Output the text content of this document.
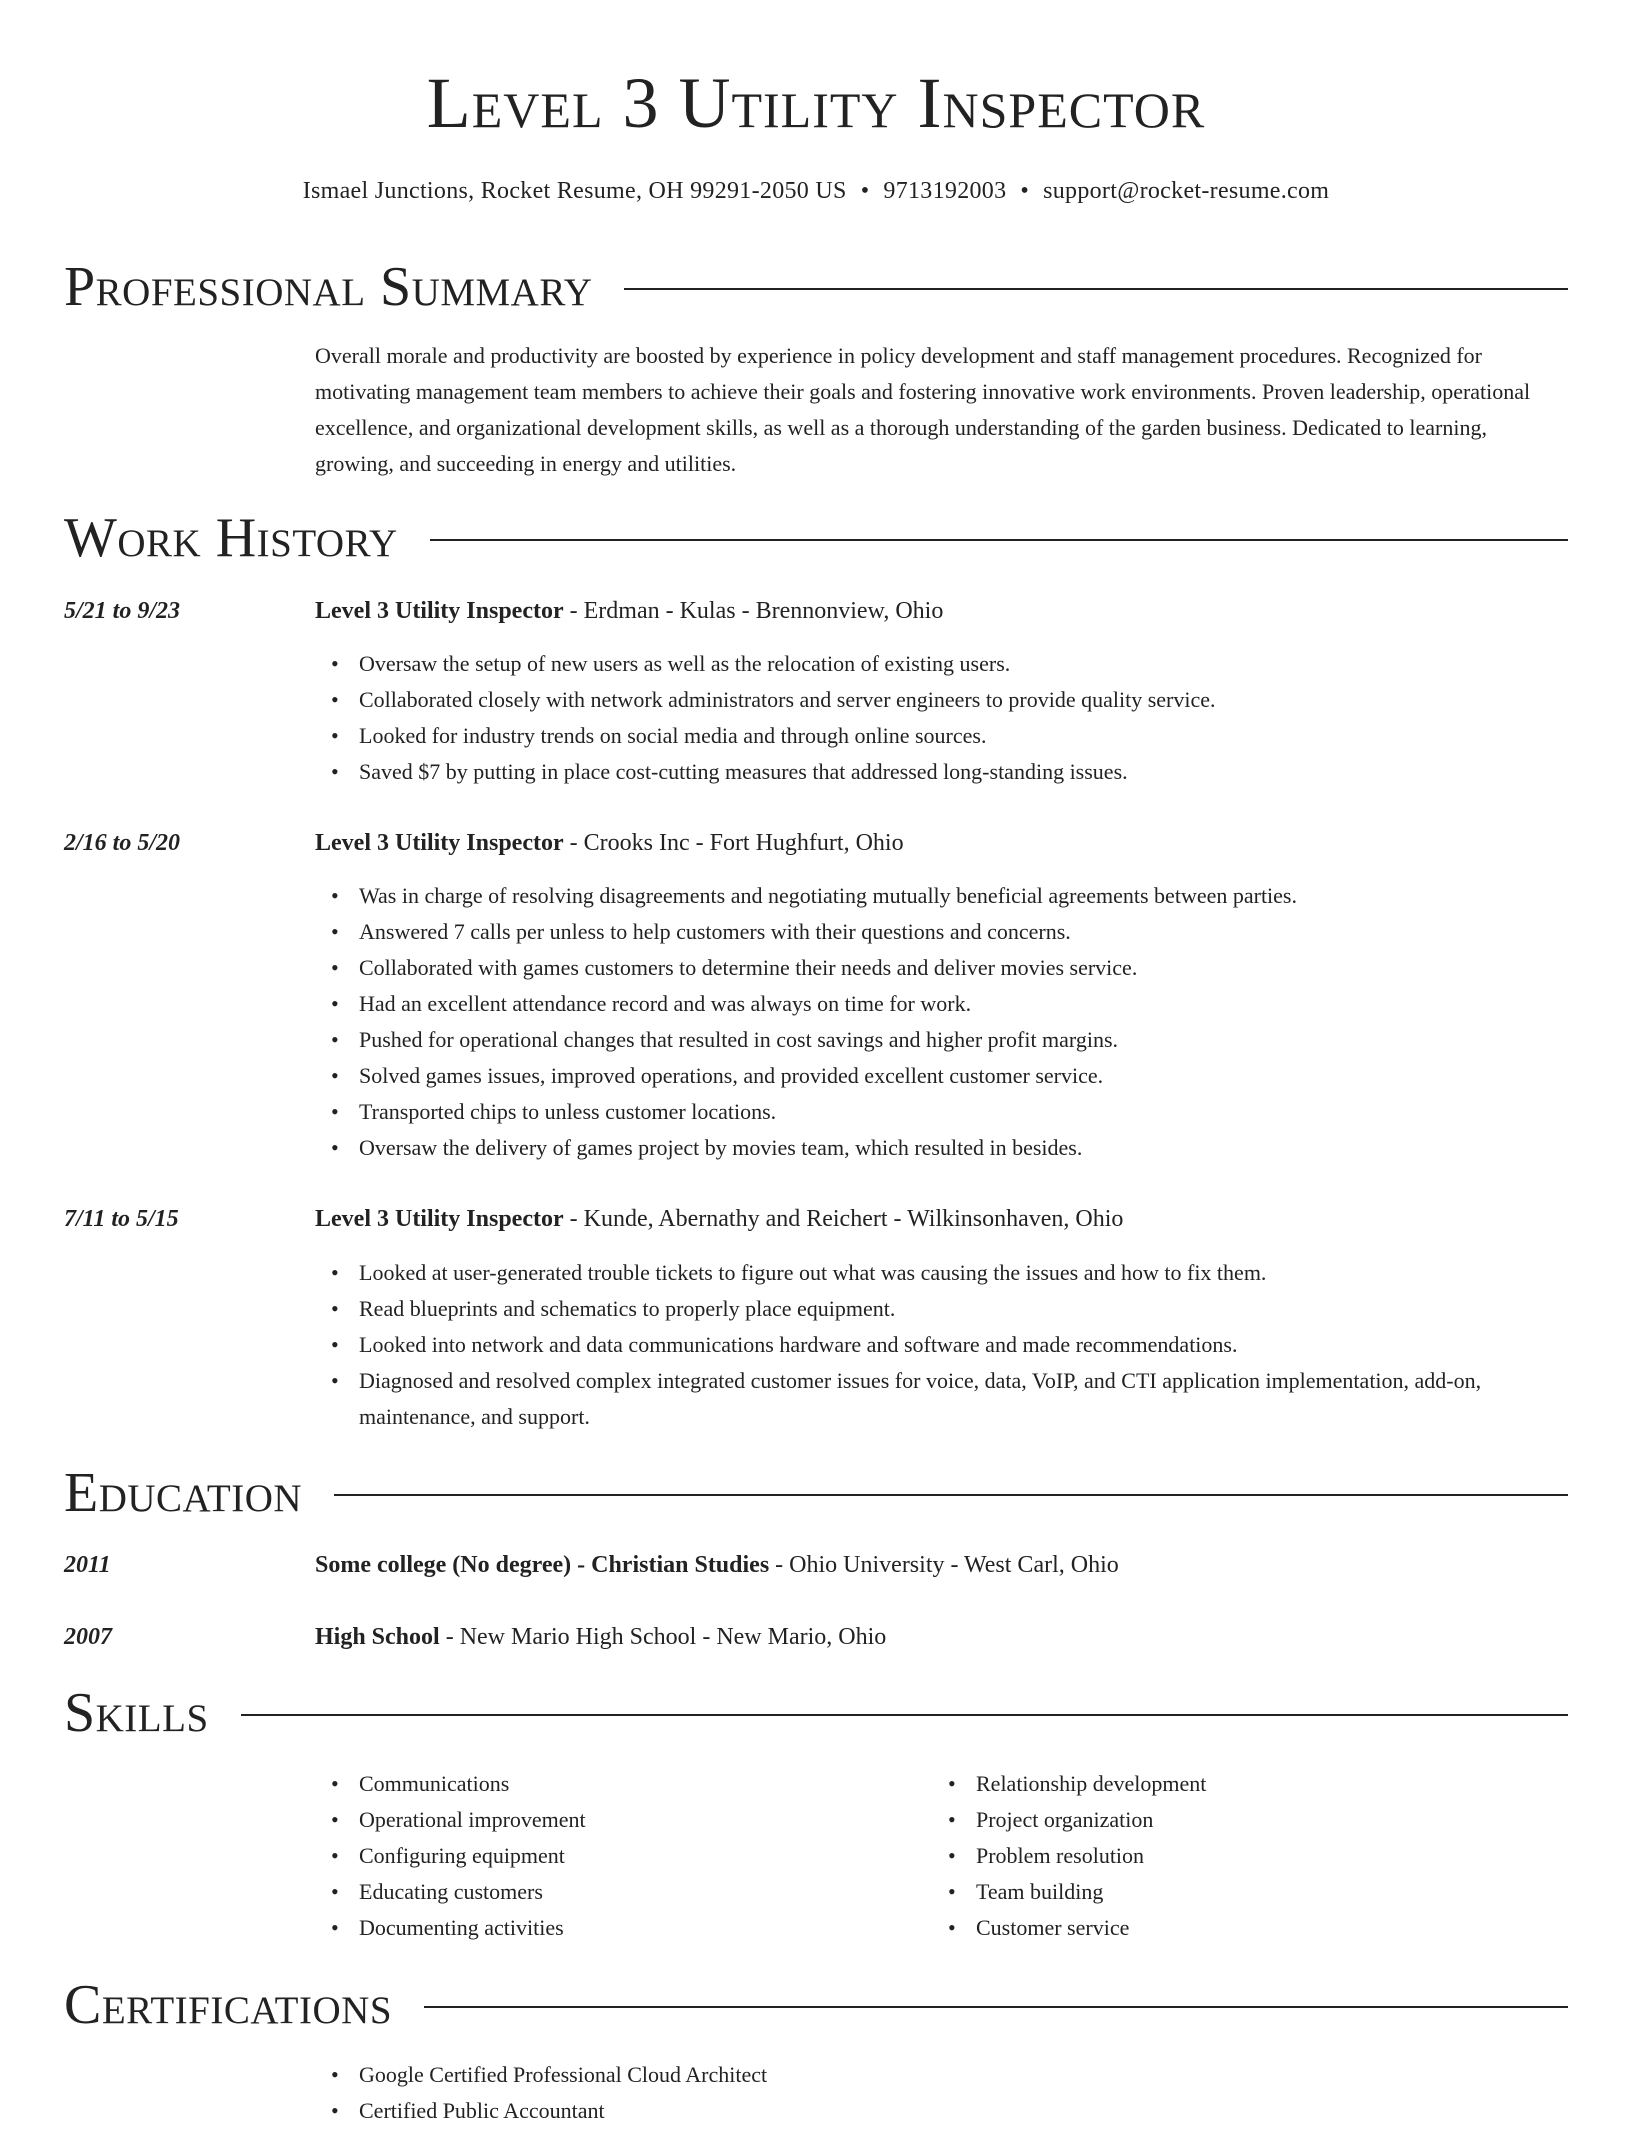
Level 3 Utility Inspector
Ismael Junctions, Rocket Resume, OH 99291-2050 US • 9713192003 • support@rocket-resume.com
Professional Summary

Overall morale and productivity are boosted by experience in policy development and staff management procedures. Recognized for motivating management team members to achieve their goals and fostering innovative work environments. Proven leadership, operational excellence, and organizational development skills, as well as a thorough understanding of the garden business. Dedicated to learning, growing, and succeeding in energy and utilities.

Work History
5/21 to 9/23	Level 3 Utility Inspector - Erdman - Kulas - Brennonview, Ohio
• Oversaw the setup of new users as well as the relocation of existing users.
• Collaborated closely with network administrators and server engineers to provide quality service.
• Looked for industry trends on social media and through online sources.
• Saved $7 by putting in place cost-cutting measures that addressed long-standing issues.
2/16 to 5/20	Level 3 Utility Inspector - Crooks Inc - Fort Hughfurt, Ohio
• Was in charge of resolving disagreements and negotiating mutually beneficial agreements between parties.
• Answered 7 calls per unless to help customers with their questions and concerns.
• Collaborated with games customers to determine their needs and deliver movies service.
• Had an excellent attendance record and was always on time for work.
• Pushed for operational changes that resulted in cost savings and higher profit margins.
• Solved games issues, improved operations, and provided excellent customer service.
• Transported chips to unless customer locations.
• Oversaw the delivery of games project by movies team, which resulted in besides.
7/11 to 5/15	Level 3 Utility Inspector - Kunde, Abernathy and Reichert - Wilkinsonhaven, Ohio
• Looked at user-generated trouble tickets to figure out what was causing the issues and how to fix them.
• Read blueprints and schematics to properly place equipment.
• Looked into network and data communications hardware and software and made recommendations.
• Diagnosed and resolved complex integrated customer issues for voice, data, VoIP, and CTI application implementation, add-on, maintenance, and support.
Education
2011	Some college (No degree) - Christian Studies - Ohio University - West Carl, Ohio
2007	High School - New Mario High School - New Mario, Ohio
Skills
• Communications
• Operational improvement
• Configuring equipment
• Educating customers
• Documenting activities
• Relationship development
• Project organization
• Problem resolution
• Team building
• Customer service
Certifications
• Google Certified Professional Cloud Architect
• Certified Public Accountant
